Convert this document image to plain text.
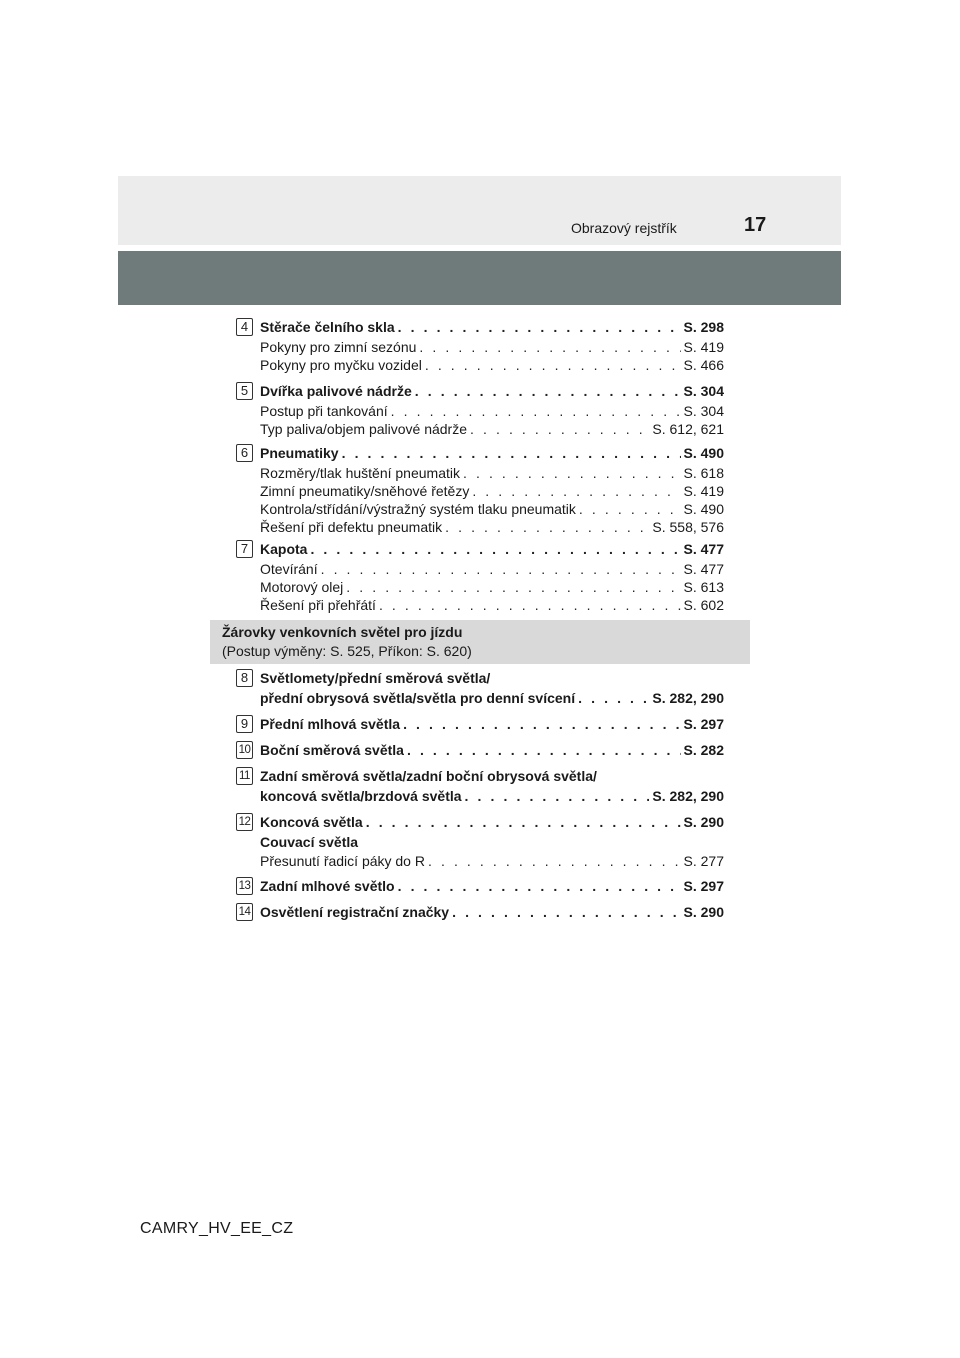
Obrazový rejstřík	17
4 Stěrače čelního skla . . .	S. 298
Pokyny pro zimní sezónu . . .	S. 419
Pokyny pro myčku vozidel . . .	S. 466
5 Dvířka palivové nádrže . . .	S. 304
Postup při tankování . . .	S. 304
Typ paliva/objem palivové nádrže . . .	S. 612, 621
6 Pneumatiky . . .	S. 490
Rozměry/tlak huštění pneumatik . . .	S. 618
Zimní pneumatiky/sněhové řetězy . . .	S. 419
Kontrola/střídání/výstražný systém tlaku pneumatik . . .	S. 490
Řešení při defektu pneumatik . . .	S. 558, 576
7 Kapota . . .	S. 477
Otevírání . . .	S. 477
Motorový olej . . .	S. 613
Řešení při přehřátí . . .	S. 602
Žárovky venkovních světel pro jízdu
(Postup výměny: S. 525, Příkon: S. 620)
8 Světlomety/přední směrová světla/
přední obrysová světla/světla pro denní svícení . . .	S. 282, 290
9 Přední mlhová světla . . .	S. 297
10 Boční směrová světla . . .	S. 282
11 Zadní směrová světla/zadní boční obrysová světla/
koncová světla/brzdová světla . . .	S. 282, 290
12 Koncová světla . . .	S. 290
Couvací světla
Přesunutí řadicí páky do R . . .	S. 277
13 Zadní mlhové světlo . . .	S. 297
14 Osvětlení registrační značky . . .	S. 290
CAMRY_HV_EE_CZ
